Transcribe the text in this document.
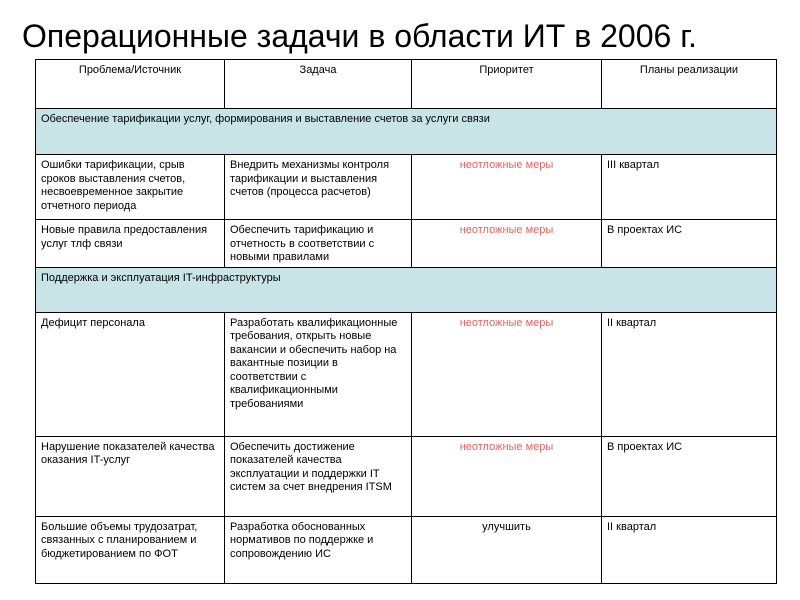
Операционные задачи в области ИТ в 2006 г.
Проблема/Источник	Задача	Приоритет	Планы реализации
Обеспечение тарификации услуг, формирования и выставление счетов за услуги связи			
Ошибки тарификации, срыв сроков выставления счетов, несвоевременное закрытие отчетного периода	Внедрить механизмы контроля тарификации и выставления счетов (процесса расчетов)	неотложные меры	III квартал
Новые правила предоставления услуг тлф связи	Обеспечить тарификацию и отчетность в соответствии с новыми правилами	неотложные меры	В проектах ИС
Поддержка и эксплуатация IT-инфраструктуры			
Дефицит персонала	Разработать квалификационные требования, открыть новые вакансии и обеспечить набор на вакантные позиции в соответствии с квалификационными требованиями	неотложные меры	II квартал
Нарушение показателей качества оказания IT-услуг	Обеспечить достижение показателей качества эксплуатации и поддержки IT систем за счет внедрения ITSM	неотложные меры	В проектах ИС
Большие объемы трудозатрат, связанных с планированием и бюджетированием по ФОТ	Разработка обоснованных нормативов по поддержке и сопровождению ИС	улучшить	II квартал
